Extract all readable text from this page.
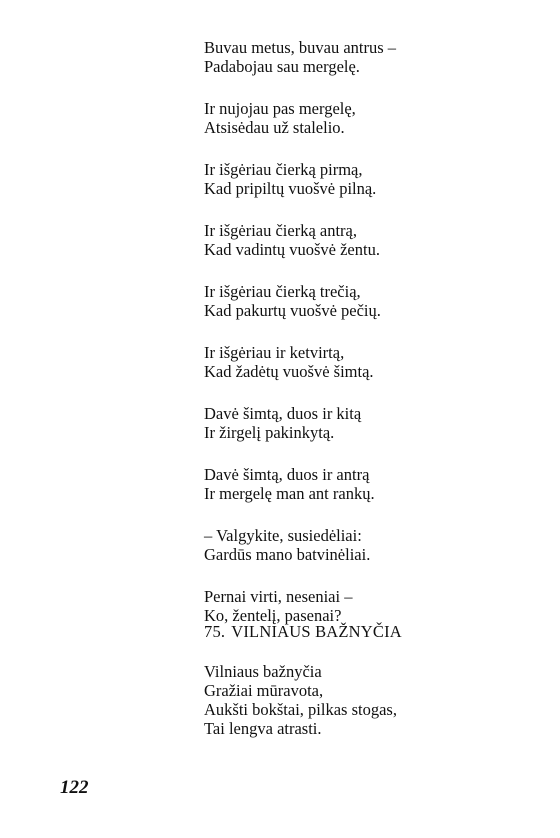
Buvau metus, buvau antrus –
Padabojau sau mergelę.
Ir nujojau pas mergelę,
Atsisėdau už stalelio.
Ir išgėriau čierką pirmą,
Kad pripiltų vuošvė pilną.
Ir išgėriau čierką antrą,
Kad vadintų vuošvė žentu.
Ir išgėriau čierką trečią,
Kad pakurtų vuošvė pečių.
Ir išgėriau ir ketvirtą,
Kad žadėtų vuošvė šimtą.
Davė šimtą, duos ir kitą
Ir žirgelį pakinkytą.
Davė šimtą, duos ir antrą
Ir mergelę man ant rankų.
– Valgykite, susiedėliai:
Gardūs mano batvinėliai.
Pernai virti, neseniai –
Ko, žentelį, pasenai?
75. VILNIAUS BAŽNYČIA
Vilniaus bažnyčia
Gražiai mūravota,
Aukšti bokštai, pilkas stogas,
Tai lengva atrasti.
122
